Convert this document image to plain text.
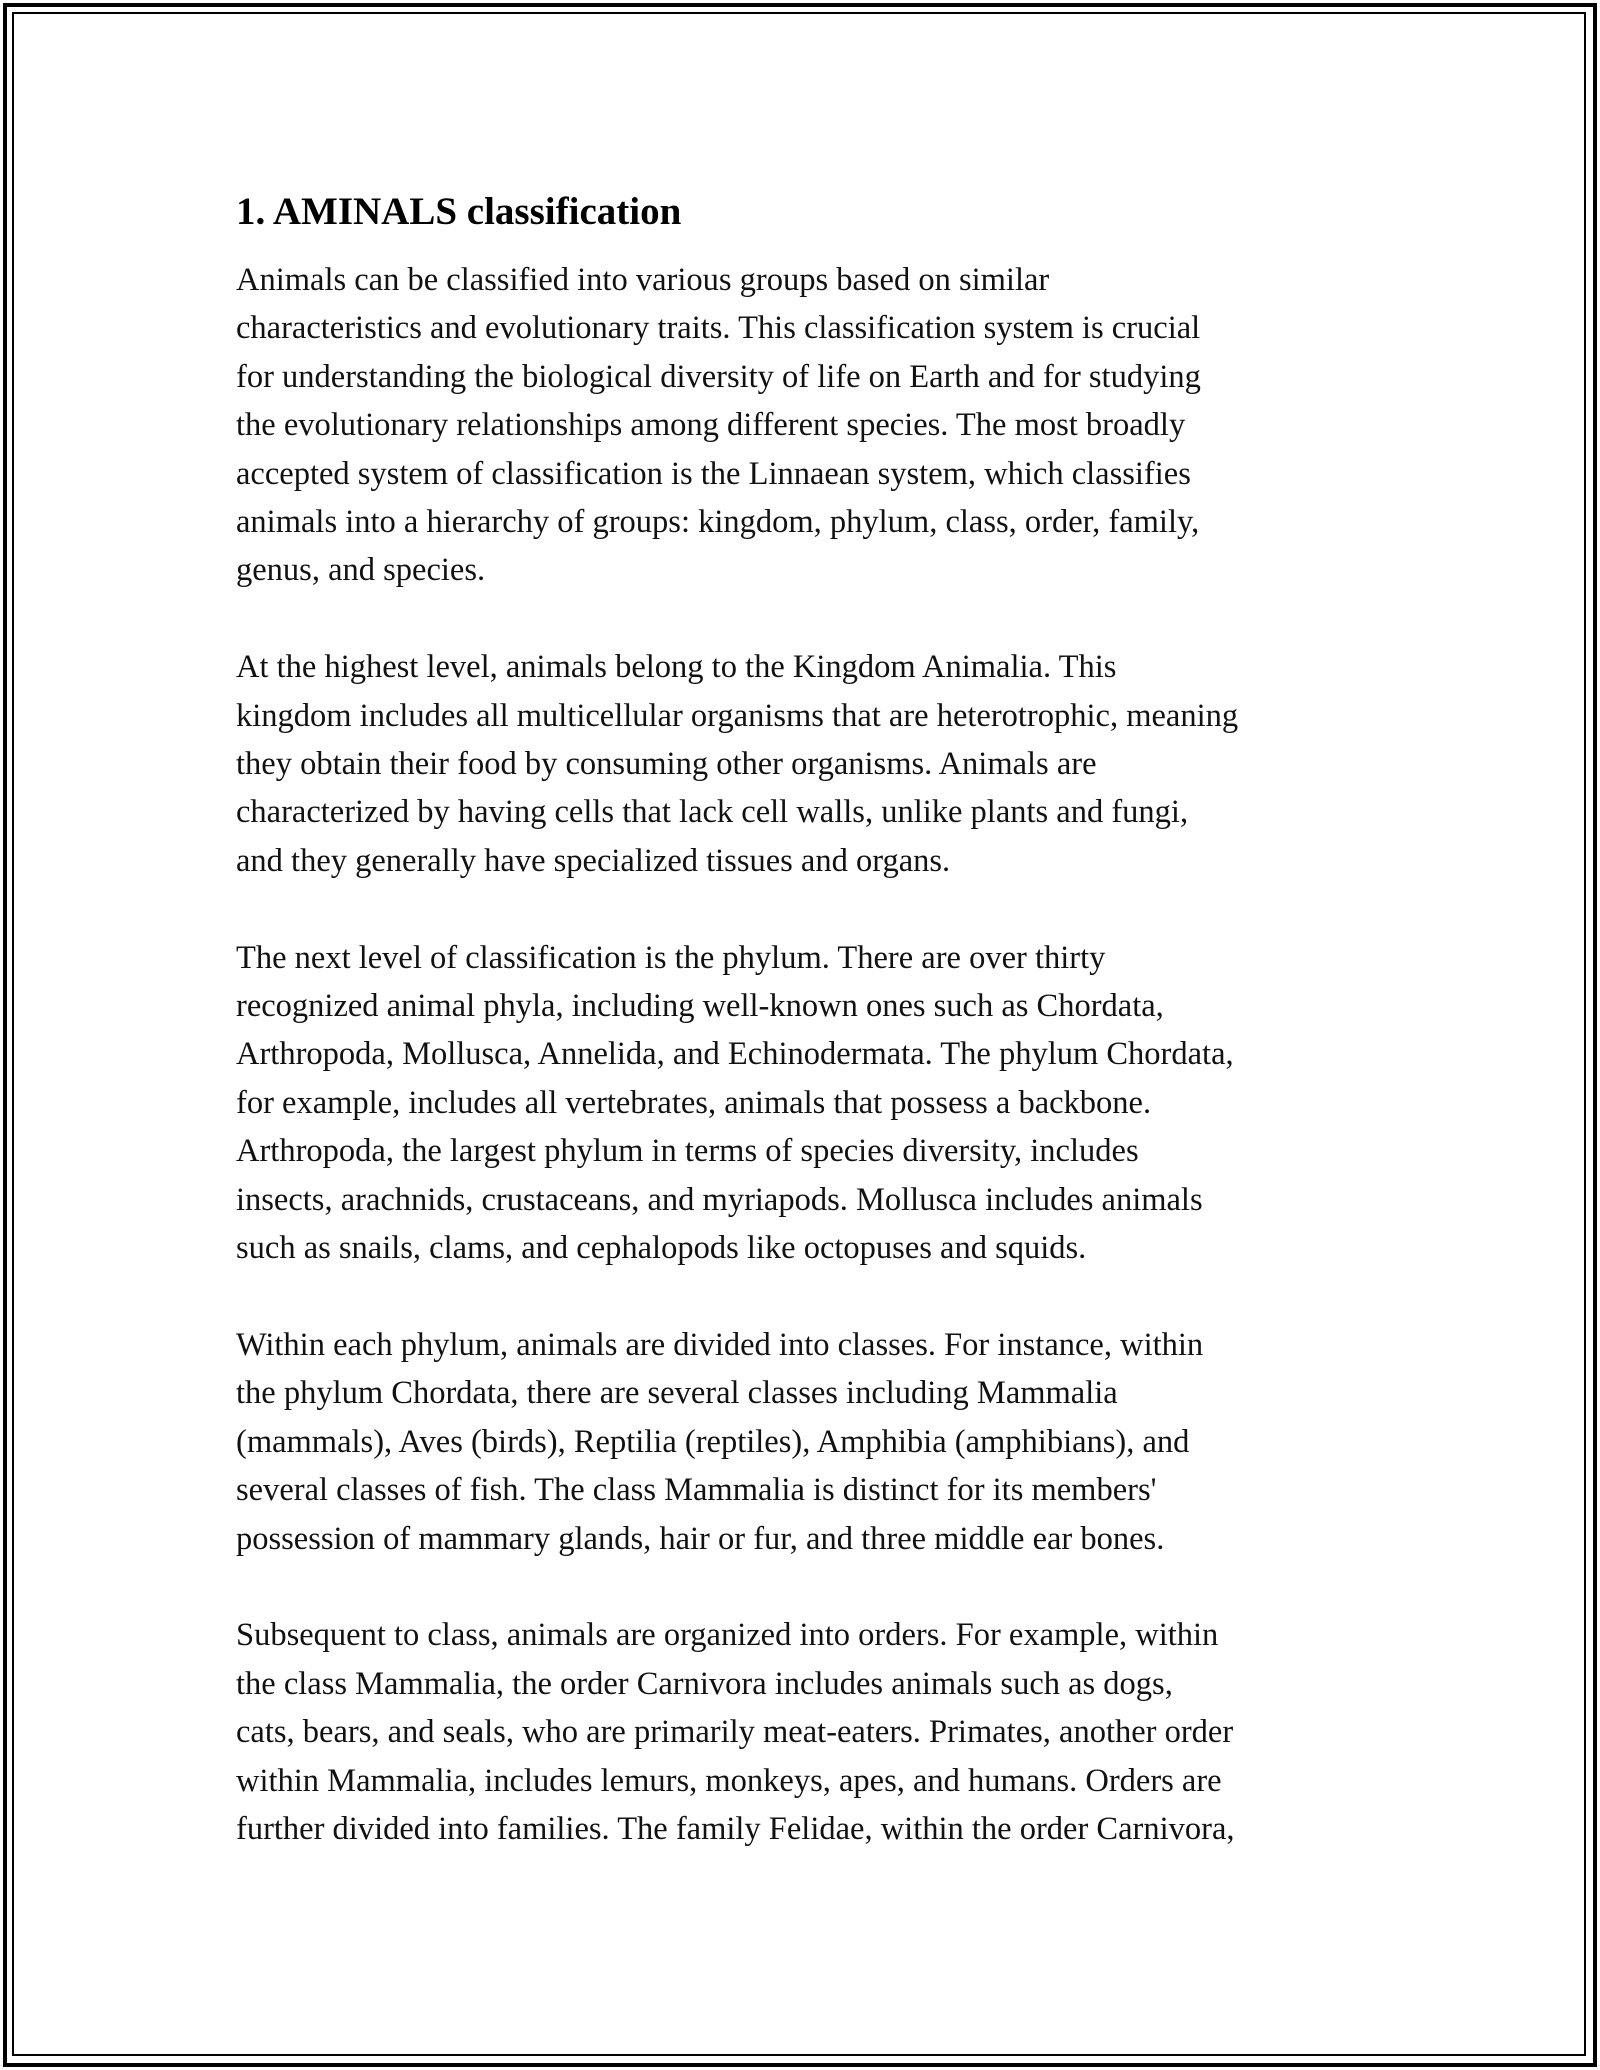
1. AMINALS classification

Animals can be classified into various groups based on similar
characteristics and evolutionary traits. This classification system is crucial
for understanding the biological diversity of life on Earth and for studying
the evolutionary relationships among different species. The most broadly
accepted system of classification is the Linnaean system, which classifies
animals into a hierarchy of groups: kingdom, phylum, class, order, family,
genus, and species.

At the highest level, animals belong to the Kingdom Animalia. This
kingdom includes all multicellular organisms that are heterotrophic, meaning
they obtain their food by consuming other organisms. Animals are
characterized by having cells that lack cell walls, unlike plants and fungi,
and they generally have specialized tissues and organs.

The next level of classification is the phylum. There are over thirty
recognized animal phyla, including well-known ones such as Chordata,
Arthropoda, Mollusca, Annelida, and Echinodermata. The phylum Chordata,
for example, includes all vertebrates, animals that possess a backbone.
Arthropoda, the largest phylum in terms of species diversity, includes
insects, arachnids, crustaceans, and myriapods. Mollusca includes animals
such as snails, clams, and cephalopods like octopuses and squids.

Within each phylum, animals are divided into classes. For instance, within
the phylum Chordata, there are several classes including Mammalia
(mammals), Aves (birds), Reptilia (reptiles), Amphibia (amphibians), and
several classes of fish. The class Mammalia is distinct for its members'
possession of mammary glands, hair or fur, and three middle ear bones.

Subsequent to class, animals are organized into orders. For example, within
the class Mammalia, the order Carnivora includes animals such as dogs,
cats, bears, and seals, who are primarily meat-eaters. Primates, another order
within Mammalia, includes lemurs, monkeys, apes, and humans. Orders are
further divided into families. The family Felidae, within the order Carnivora,
